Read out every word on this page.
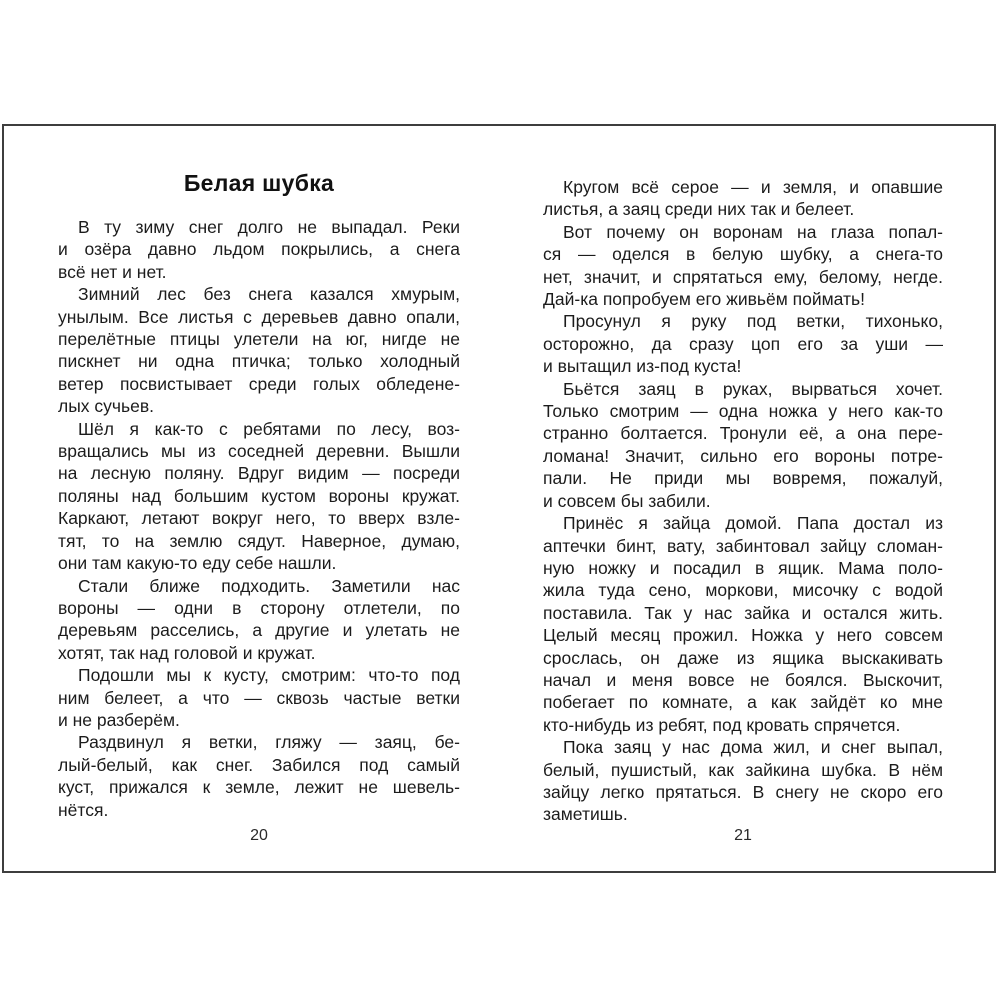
Белая шубка
В ту зиму снег долго не выпадал. Реки
и озёра давно льдом покрылись, а снега
всё нет и нет.
Зимний лес без снега казался хмурым,
унылым. Все листья с деревьев давно опали,
перелётные птицы улетели на юг, нигде не
пискнет ни одна птичка; только холодный
ветер посвистывает среди голых обледене-
лых сучьев.
Шёл я как-то с ребятами по лесу, воз-
вращались мы из соседней деревни. Вышли
на лесную поляну. Вдруг видим — посреди
поляны над большим кустом вороны кружат.
Каркают, летают вокруг него, то вверх взле-
тят, то на землю сядут. Наверное, думаю,
они там какую-то еду себе нашли.
Стали ближе подходить. Заметили нас
вороны — одни в сторону отлетели, по
деревьям расселись, а другие и улетать не
хотят, так над головой и кружат.
Подошли мы к кусту, смотрим: что-то под
ним белеет, а что — сквозь частые ветки
и не разберём.
Раздвинул я ветки, гляжу — заяц, бе-
лый-белый, как снег. Забился под самый
куст, прижался к земле, лежит не шевель-
нётся.
Кругом всё серое — и земля, и опавшие
листья, а заяц среди них так и белеет.
Вот почему он воронам на глаза попал-
ся — оделся в белую шубку, а снега-то
нет, значит, и спрятаться ему, белому, негде.
Дай-ка попробуем его живьём поймать!
Просунул я руку под ветки, тихонько,
осторожно, да сразу цоп его за уши —
и вытащил из-под куста!
Бьётся заяц в руках, вырваться хочет.
Только смотрим — одна ножка у него как-то
странно болтается. Тронули её, а она пере-
ломана! Значит, сильно его вороны потре-
пали. Не приди мы вовремя, пожалуй,
и совсем бы забили.
Принёс я зайца домой. Папа достал из
аптечки бинт, вату, забинтовал зайцу сломан-
ную ножку и посадил в ящик. Мама поло-
жила туда сено, моркови, мисочку с водой
поставила. Так у нас зайка и остался жить.
Целый месяц прожил. Ножка у него совсем
срослась, он даже из ящика выскакивать
начал и меня вовсе не боялся. Выскочит,
побегает по комнате, а как зайдёт ко мне
кто-нибудь из ребят, под кровать спрячется.
Пока заяц у нас дома жил, и снег выпал,
белый, пушистый, как зайкина шубка. В нём
зайцу легко прятаться. В снегу не скоро его
заметишь.
20	21
